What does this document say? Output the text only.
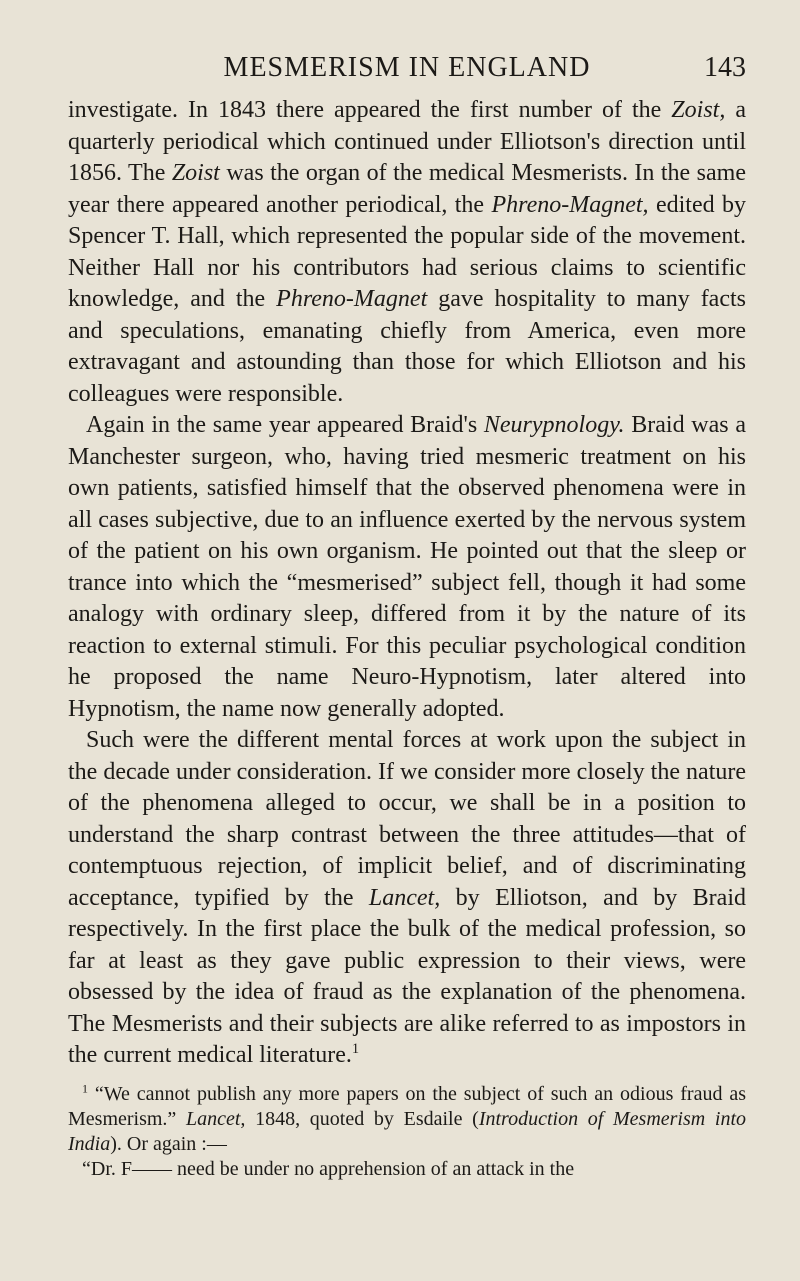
MESMERISM IN ENGLAND	143

investigate. In 1843 there appeared the first number of the Zoist, a quarterly periodical which continued under Elliotson's direction until 1856. The Zoist was the organ of the medical Mesmerists. In the same year there appeared another periodical, the Phreno-Magnet, edited by Spencer T. Hall, which represented the popular side of the movement. Neither Hall nor his contributors had serious claims to scientific knowledge, and the Phreno-Magnet gave hospitality to many facts and speculations, emanating chiefly from America, even more extravagant and astounding than those for which Elliotson and his colleagues were responsible.

Again in the same year appeared Braid's Neurypnology. Braid was a Manchester surgeon, who, having tried mesmeric treatment on his own patients, satisfied himself that the observed phenomena were in all cases subjective, due to an influence exerted by the nervous system of the patient on his own organism. He pointed out that the sleep or trance into which the “mesmerised” subject fell, though it had some analogy with ordinary sleep, differed from it by the nature of its reaction to external stimuli. For this peculiar psychological condition he proposed the name Neuro-Hypnotism, later altered into Hypnotism, the name now generally adopted.

Such were the different mental forces at work upon the subject in the decade under consideration. If we consider more closely the nature of the phenomena alleged to occur, we shall be in a position to understand the sharp contrast between the three attitudes—that of contemptuous rejection, of implicit belief, and of discriminating acceptance, typified by the Lancet, by Elliotson, and by Braid respectively. In the first place the bulk of the medical profession, so far at least as they gave public expression to their views, were obsessed by the idea of fraud as the explanation of the phenomena. The Mesmerists and their subjects are alike referred to as impostors in the current medical literature.$^1$

$^1$ “We cannot publish any more papers on the subject of such an odious fraud as Mesmerism.” Lancet, 1848, quoted by Esdaile (Introduction of Mesmerism into India). Or again :—

“Dr. F—— need be under no apprehension of an attack in the
